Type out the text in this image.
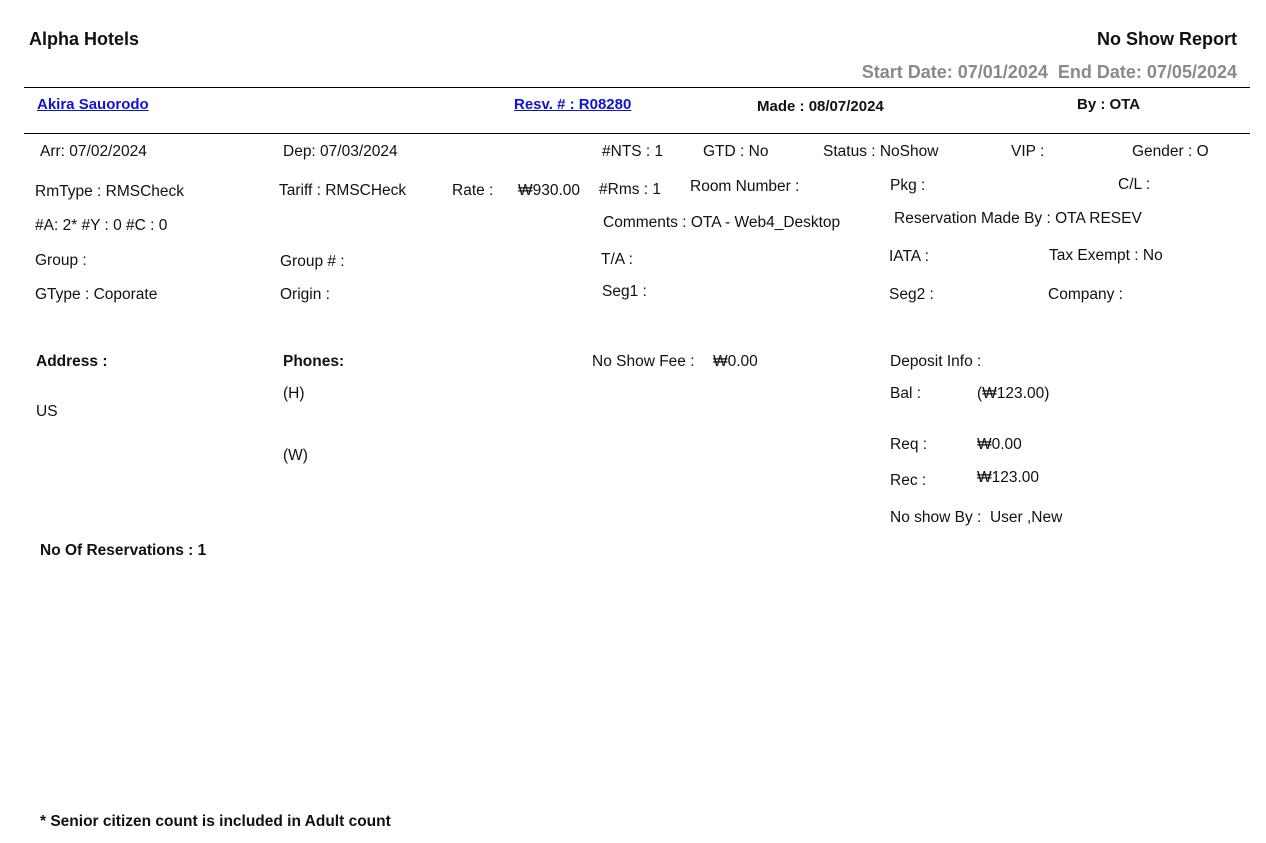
Alpha Hotels	No Show Report
Start Date: 07/01/2024 End Date: 07/05/2024
Akira Sauorodo	Resv. # : R08280	Made : 08/07/2024	By : OTA
Arr: 07/02/2024	Dep: 07/03/2024	#NTS : 1	GTD : No	Status : NoShow	VIP :	Gender : O
RmType : RMSCheck	Tariff : RMSCHeck	Rate : ₩930.00 #Rms : 1 Room Number :	Pkg :	C/L :
#A: 2* #Y : 0 #C : 0	Comments : OTA - Web4_Desktop	Reservation Made By : OTA RESEV
Group :	Group # :	T/A :	IATA :	Tax Exempt : No
GType : Coporate	Origin :	Seg1 :	Seg2 :	Company :
Address :
US
Phones:
(H)
(W)
No Show Fee : ₩0.00	Deposit Info :
Bal :	(₩123.00)
Req :	₩0.00
Rec :	₩123.00
No show By : User ,New
No Of Reservations : 1
* Senior citizen count is included in Adult count
